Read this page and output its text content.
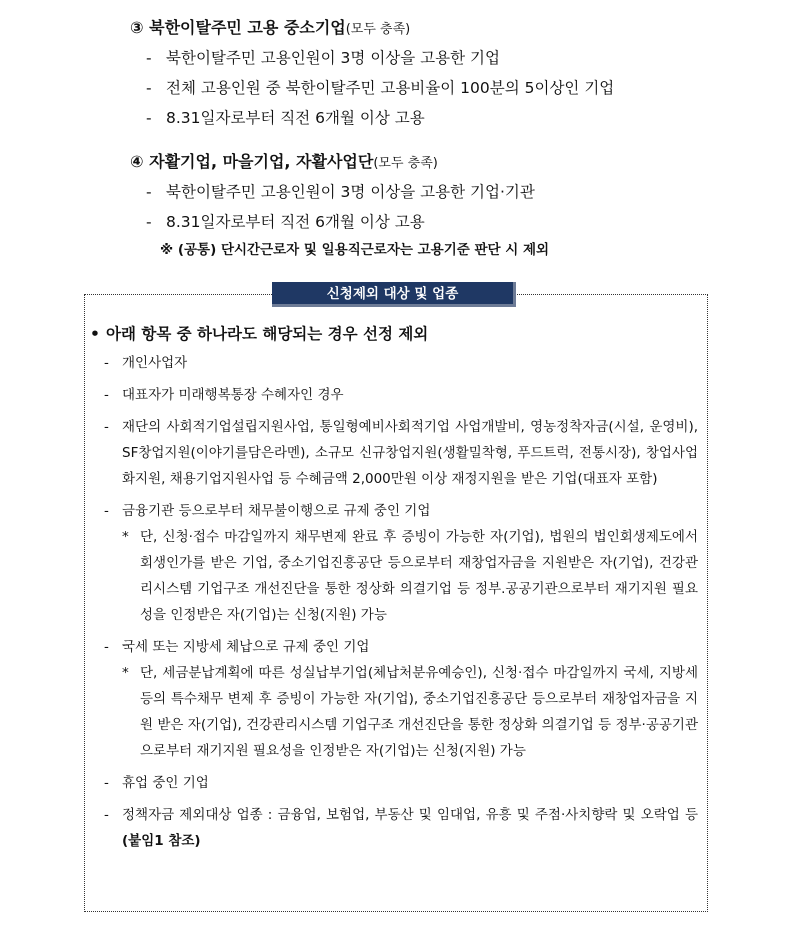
③ 북한이탈주민 고용 중소기업(모두 충족)
- 북한이탈주민 고용인원이 3명 이상을 고용한 기업
- 전체 고용인원 중 북한이탈주민 고용비율이 100분의 5이상인 기업
- 8.31일자로부터 직전 6개월 이상 고용
④ 자활기업, 마을기업, 자활사업단(모두 충족)
- 북한이탈주민 고용인원이 3명 이상을 고용한 기업·기관
- 8.31일자로부터 직전 6개월 이상 고용
※ (공통) 단시간근로자 및 일용직근로자는 고용기준 판단 시 제외
신청제외 대상 및 업종
• 아래 항목 중 하나라도 해당되는 경우 선정 제외
- 개인사업자
- 대표자가 미래행복통장 수혜자인 경우
- 재단의 사회적기업설립지원사업, 통일형예비사회적기업 사업개발비, 영농정착자금(시설, 운영비), SF창업지원(이야기를담은라멘), 소규모 신규창업지원(생활밀착형, 푸드트럭, 전통시장), 창업사업화지원, 채용기업지원사업 등 수혜금액 2,000만원 이상 재정지원을 받은 기업(대표자 포함)
- 금융기관 등으로부터 채무불이행으로 규제 중인 기업
* 단, 신청·접수 마감일까지 채무변제 완료 후 증빙이 가능한 자(기업), 법원의 법인회생제도에서 회생인가를 받은 기업, 중소기업진흥공단 등으로부터 재창업자금을 지원받은 자(기업), 건강관리시스템 기업구조 개선진단을 통한 정상화 의결기업 등 정부.공공기관으로부터 재기지원 필요성을 인정받은 자(기업)는 신청(지원) 가능
- 국세 또는 지방세 체납으로 규제 중인 기업
* 단, 세금분납계획에 따른 성실납부기업(체납처분유예승인), 신청·접수 마감일까지 국세, 지방세 등의 특수채무 변제 후 증빙이 가능한 자(기업), 중소기업진흥공단 등으로부터 재창업자금을 지원 받은 자(기업), 건강관리시스템 기업구조 개선진단을 통한 정상화 의결기업 등 정부·공공기관으로부터 재기지원 필요성을 인정받은 자(기업)는 신청(지원) 가능
- 휴업 중인 기업
- 정책자금 제외대상 업종 : 금융업, 보험업, 부동산 및 임대업, 유흥 및 주점·사치향락 및 오락업 등(붙임1 참조)
